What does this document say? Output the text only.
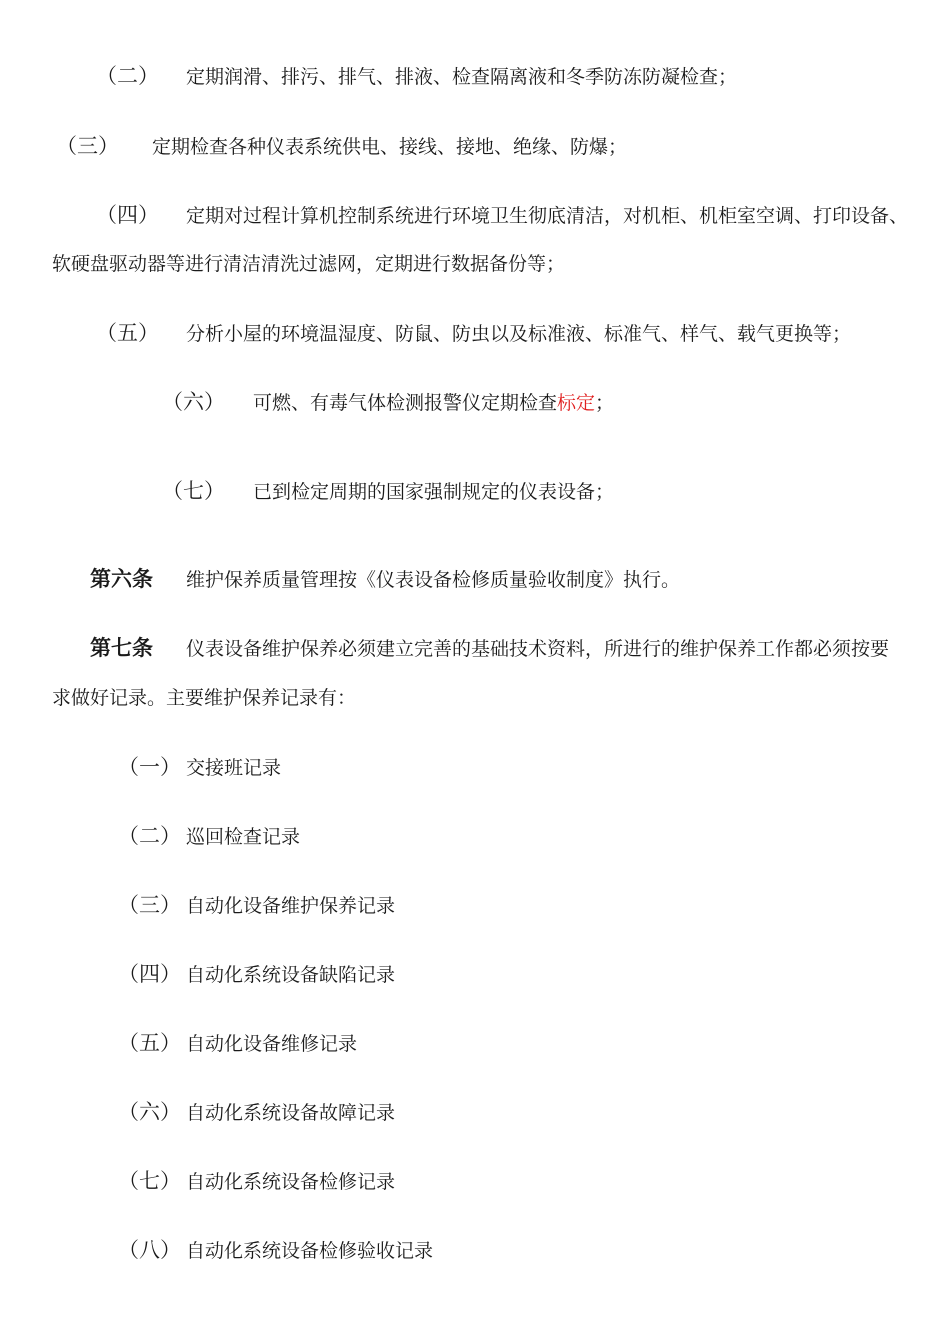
（二） 定期润滑、排污、排气、排液、检查隔离液和冬季防冻防凝检查；
（三） 定期检查各种仪表系统供电、接线、接地、绝缘、防爆；
（四） 定期对过程计算机控制系统进行环境卫生彻底清洁，对机柜、机柜室空调、打印设备、
软硬盘驱动器等进行清洁清洗过滤网，定期进行数据备份等；
（五） 分析小屋的环境温湿度、防鼠、防虫以及标准液、标准气、样气、载气更换等；
（六） 可燃、有毒气体检测报警仪定期检查标定；
（七） 已到检定周期的国家强制规定的仪表设备；
第六条 维护保养质量管理按《仪表设备检修质量验收制度》执行。
第七条 仪表设备维护保养必须建立完善的基础技术资料，所进行的维护保养工作都必须按要
求做好记录。主要维护保养记录有：
（一） 交接班记录
（二） 巡回检查记录
（三） 自动化设备维护保养记录
（四） 自动化系统设备缺陷记录
（五） 自动化设备维修记录
（六） 自动化系统设备故障记录
（七） 自动化系统设备检修记录
（八） 自动化系统设备检修验收记录
